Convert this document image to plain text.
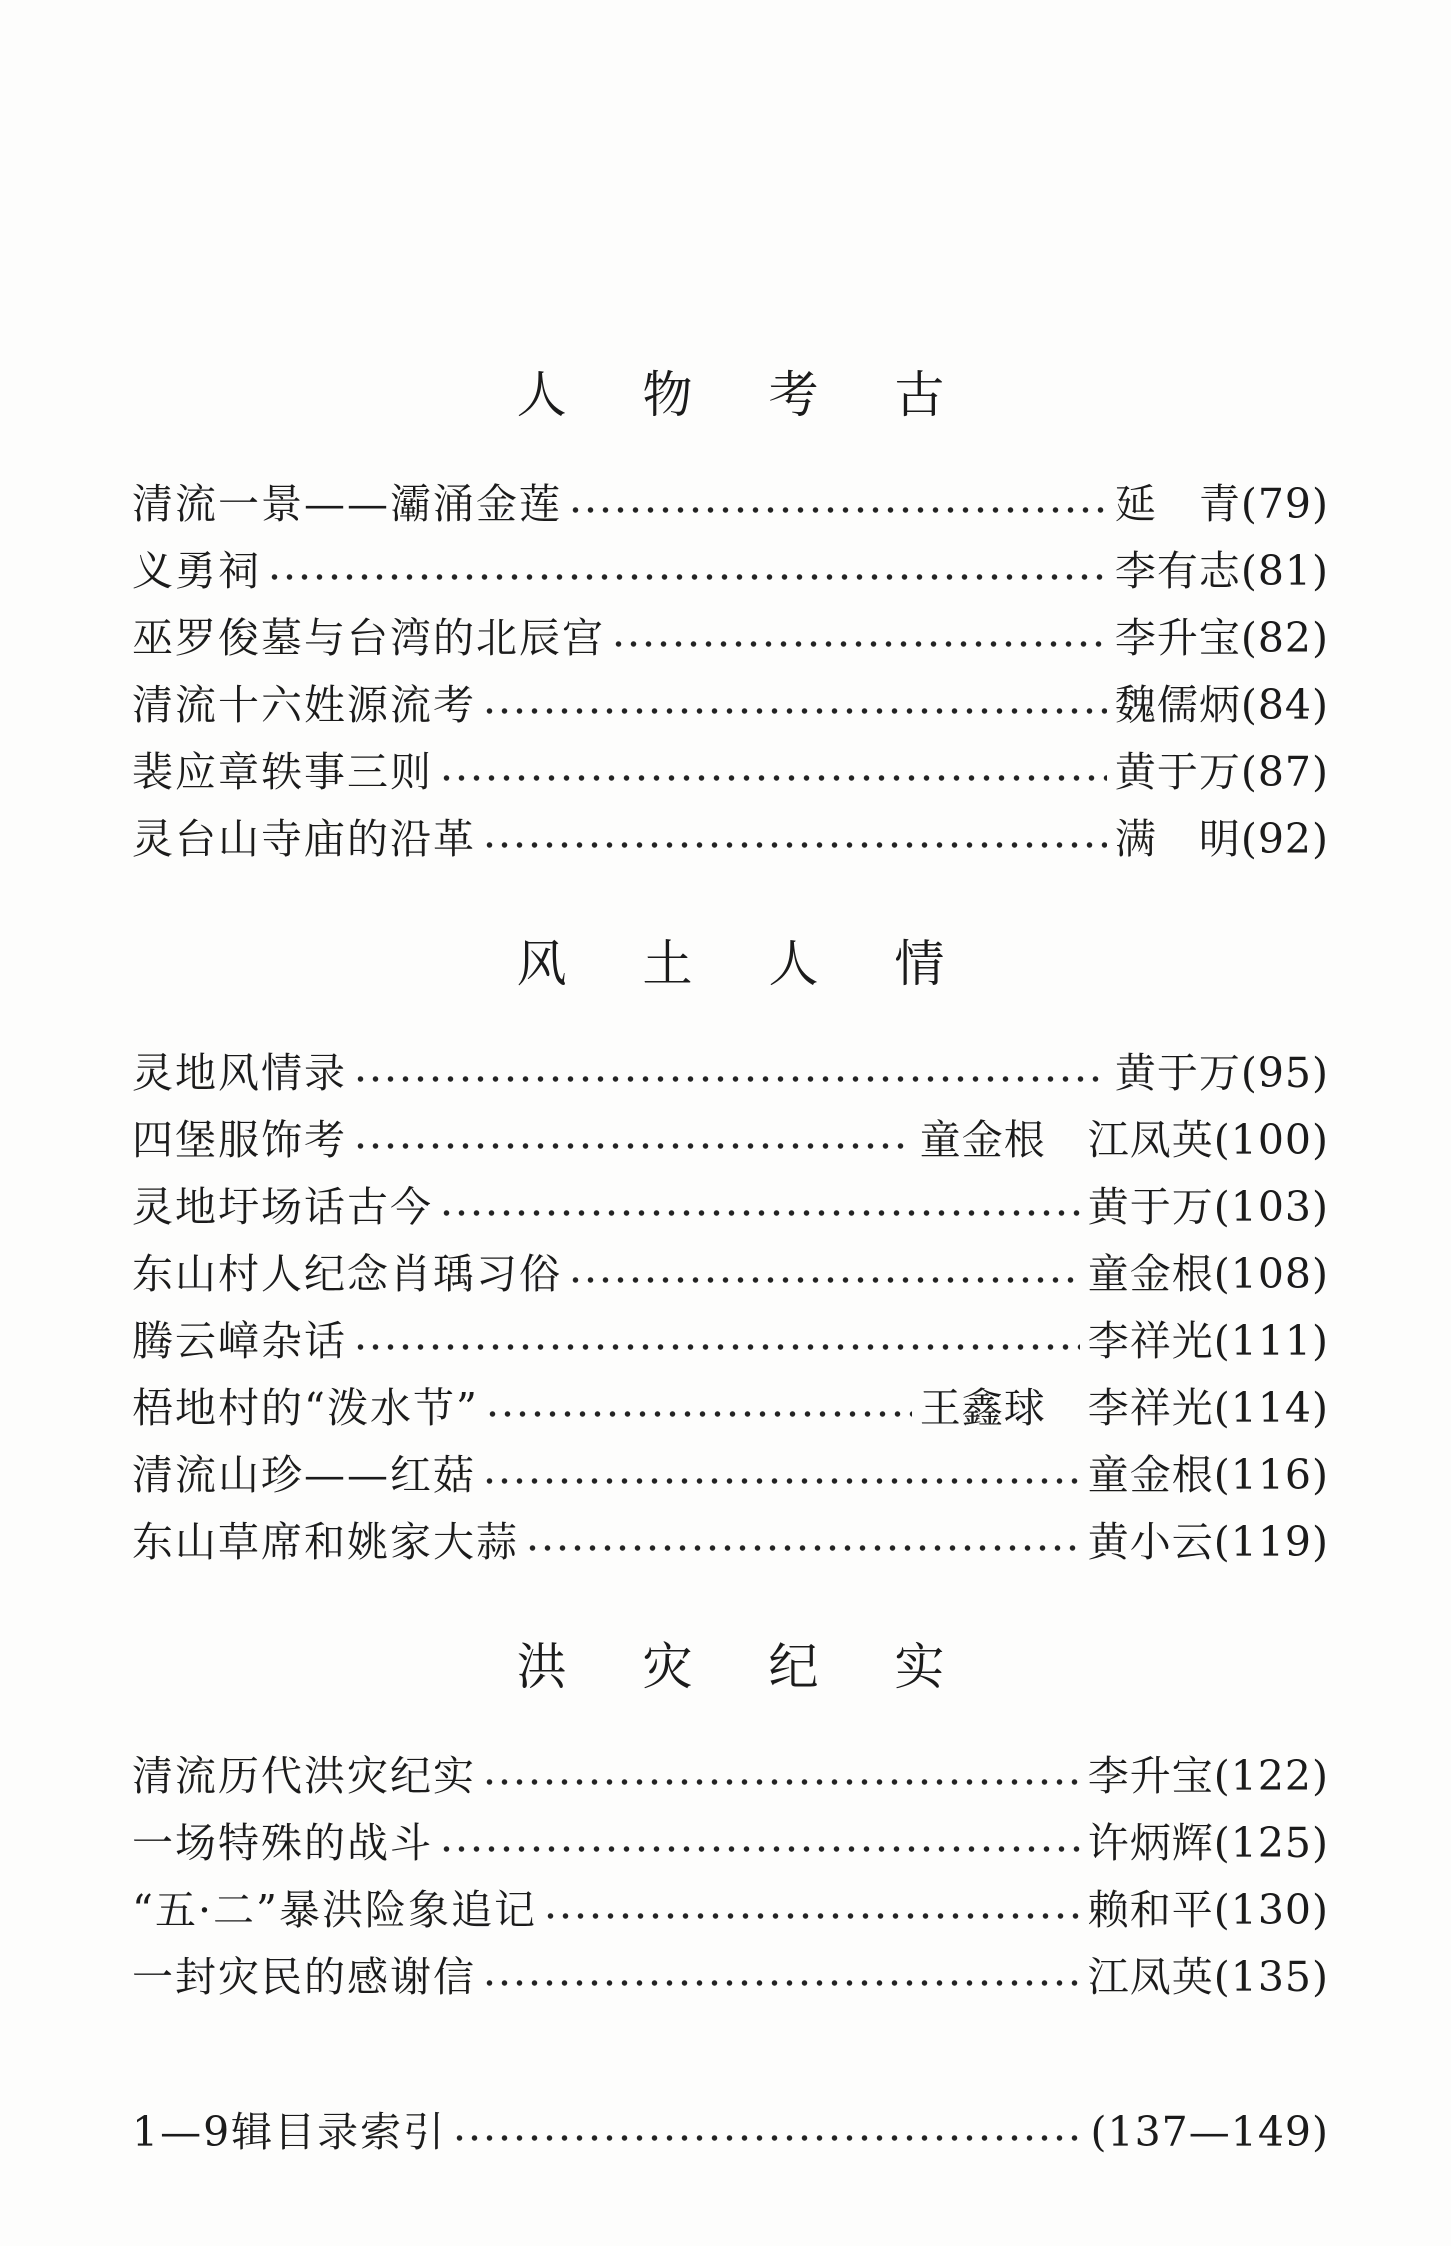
人 物 考 古
清流一景——灞涌金莲	延　青(79)
义勇祠	李有志(81)
巫罗俊墓与台湾的北辰宫	李升宝(82)
清流十六姓源流考	魏儒炳(84)
裴应章轶事三则	黄于万(87)
灵台山寺庙的沿革	满　明(92)
风 土 人 情
灵地风情录	黄于万(95)
四堡服饰考	童金根　江凤英(100)
灵地圩场话古今	黄于万(103)
东山村人纪念肖瑀习俗	童金根(108)
腾云嶂杂话	李祥光(111)
梧地村的“泼水节”	王鑫球　李祥光(114)
清流山珍——红菇	童金根(116)
东山草席和姚家大蒜	黄小云(119)
洪 灾 纪 实
清流历代洪灾纪实	李升宝(122)
一场特殊的战斗	许炳辉(125)
“五·二”暴洪险象追记	赖和平(130)
一封灾民的感谢信	江凤英(135)
1—9辑目录索引	(137—149)
